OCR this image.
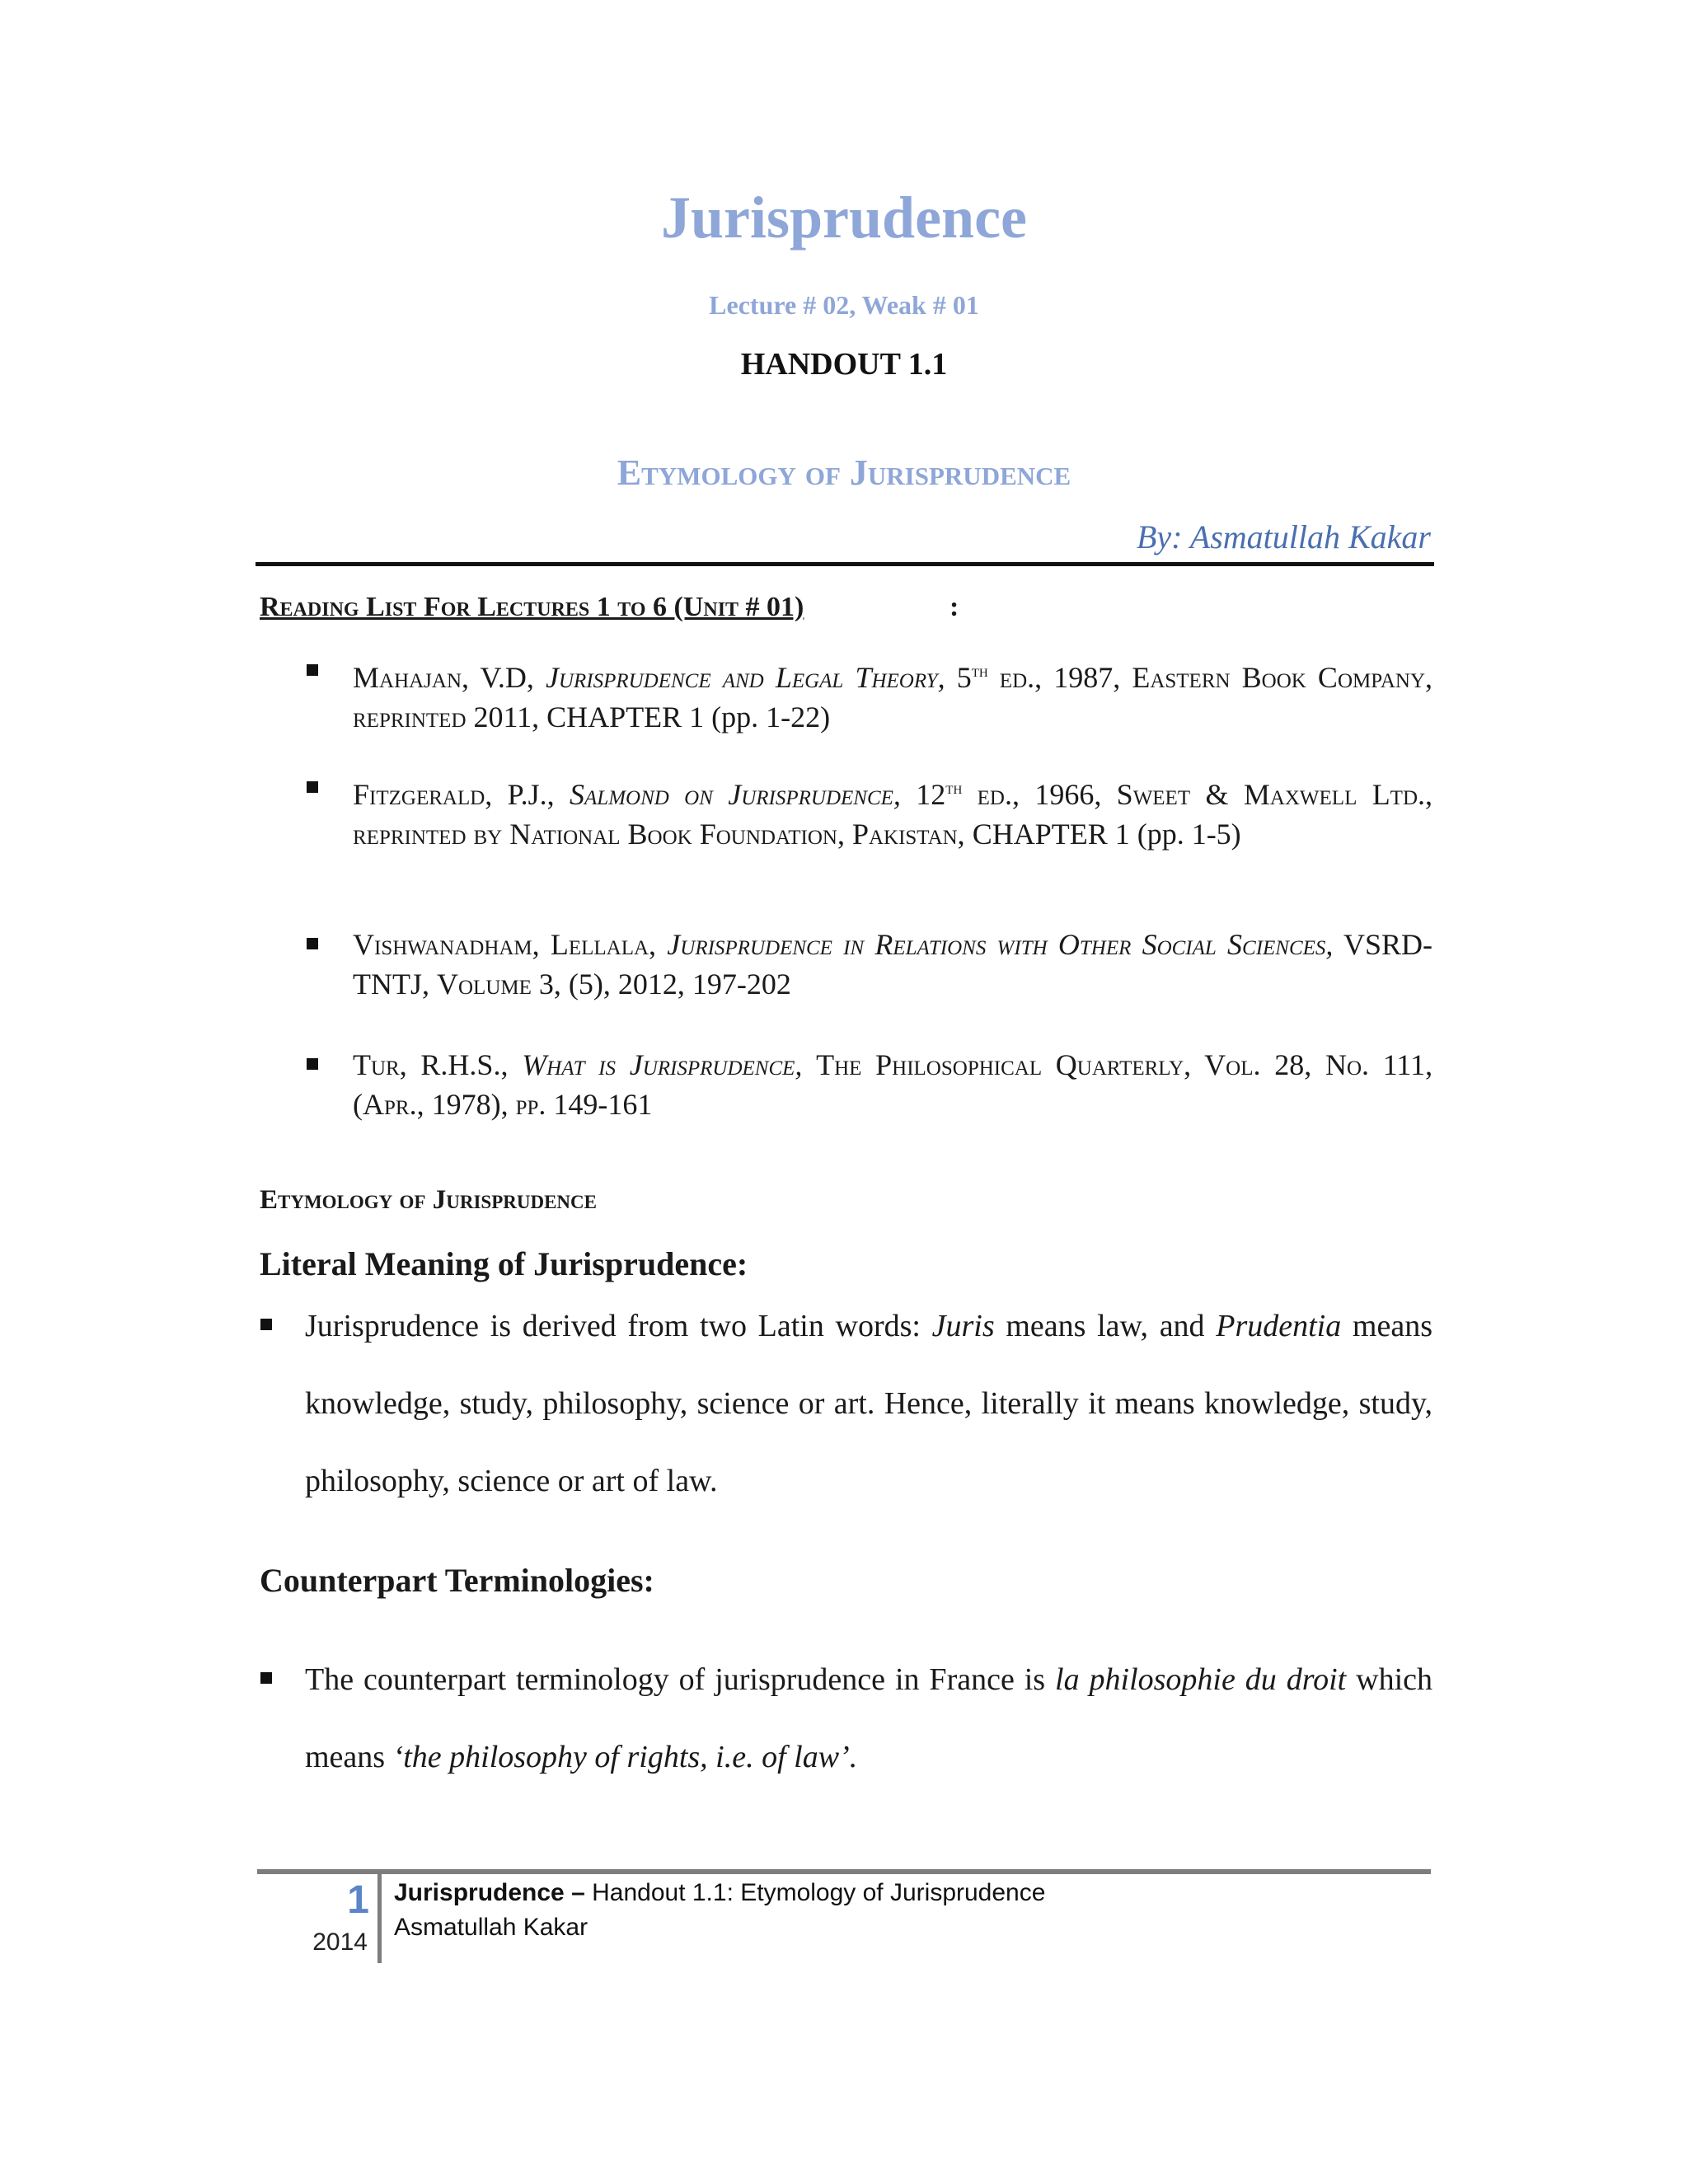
Jurisprudence
Lecture # 02, Weak # 01
HANDOUT 1.1
Etymology of Jurisprudence
By: Asmatullah Kakar
Reading List For Lectures 1 to 6 (Unit # 01)	:
Mahajan, V.D, Jurisprudence and Legal Theory, 5th ed., 1987, Eastern Book Company, reprinted 2011, CHAPTER 1 (pp. 1-22)
Fitzgerald, P.J., Salmond on Jurisprudence, 12th ed., 1966, Sweet & Maxwell Ltd., reprinted by National Book Foundation, Pakistan, CHAPTER 1 (pp. 1-5)
Vishwanadham, Lellala, Jurisprudence in Relations with Other Social Sciences, VSRD-TNTJ, Volume 3, (5), 2012, 197-202
Tur, R.H.S., What is Jurisprudence, The Philosophical Quarterly, Vol. 28, No. 111, (Apr., 1978), pp. 149-161
Etymology of Jurisprudence
Literal Meaning of Jurisprudence:
Jurisprudence is derived from two Latin words: Juris means law, and Prudentia means knowledge, study, philosophy, science or art. Hence, literally it means knowledge, study, philosophy, science or art of law.
Counterpart Terminologies:
The counterpart terminology of jurisprudence in France is la philosophie du droit which means ‘the philosophy of rights, i.e. of law’.
1
2014
Jurisprudence – Handout 1.1: Etymology of Jurisprudence
Asmatullah Kakar
